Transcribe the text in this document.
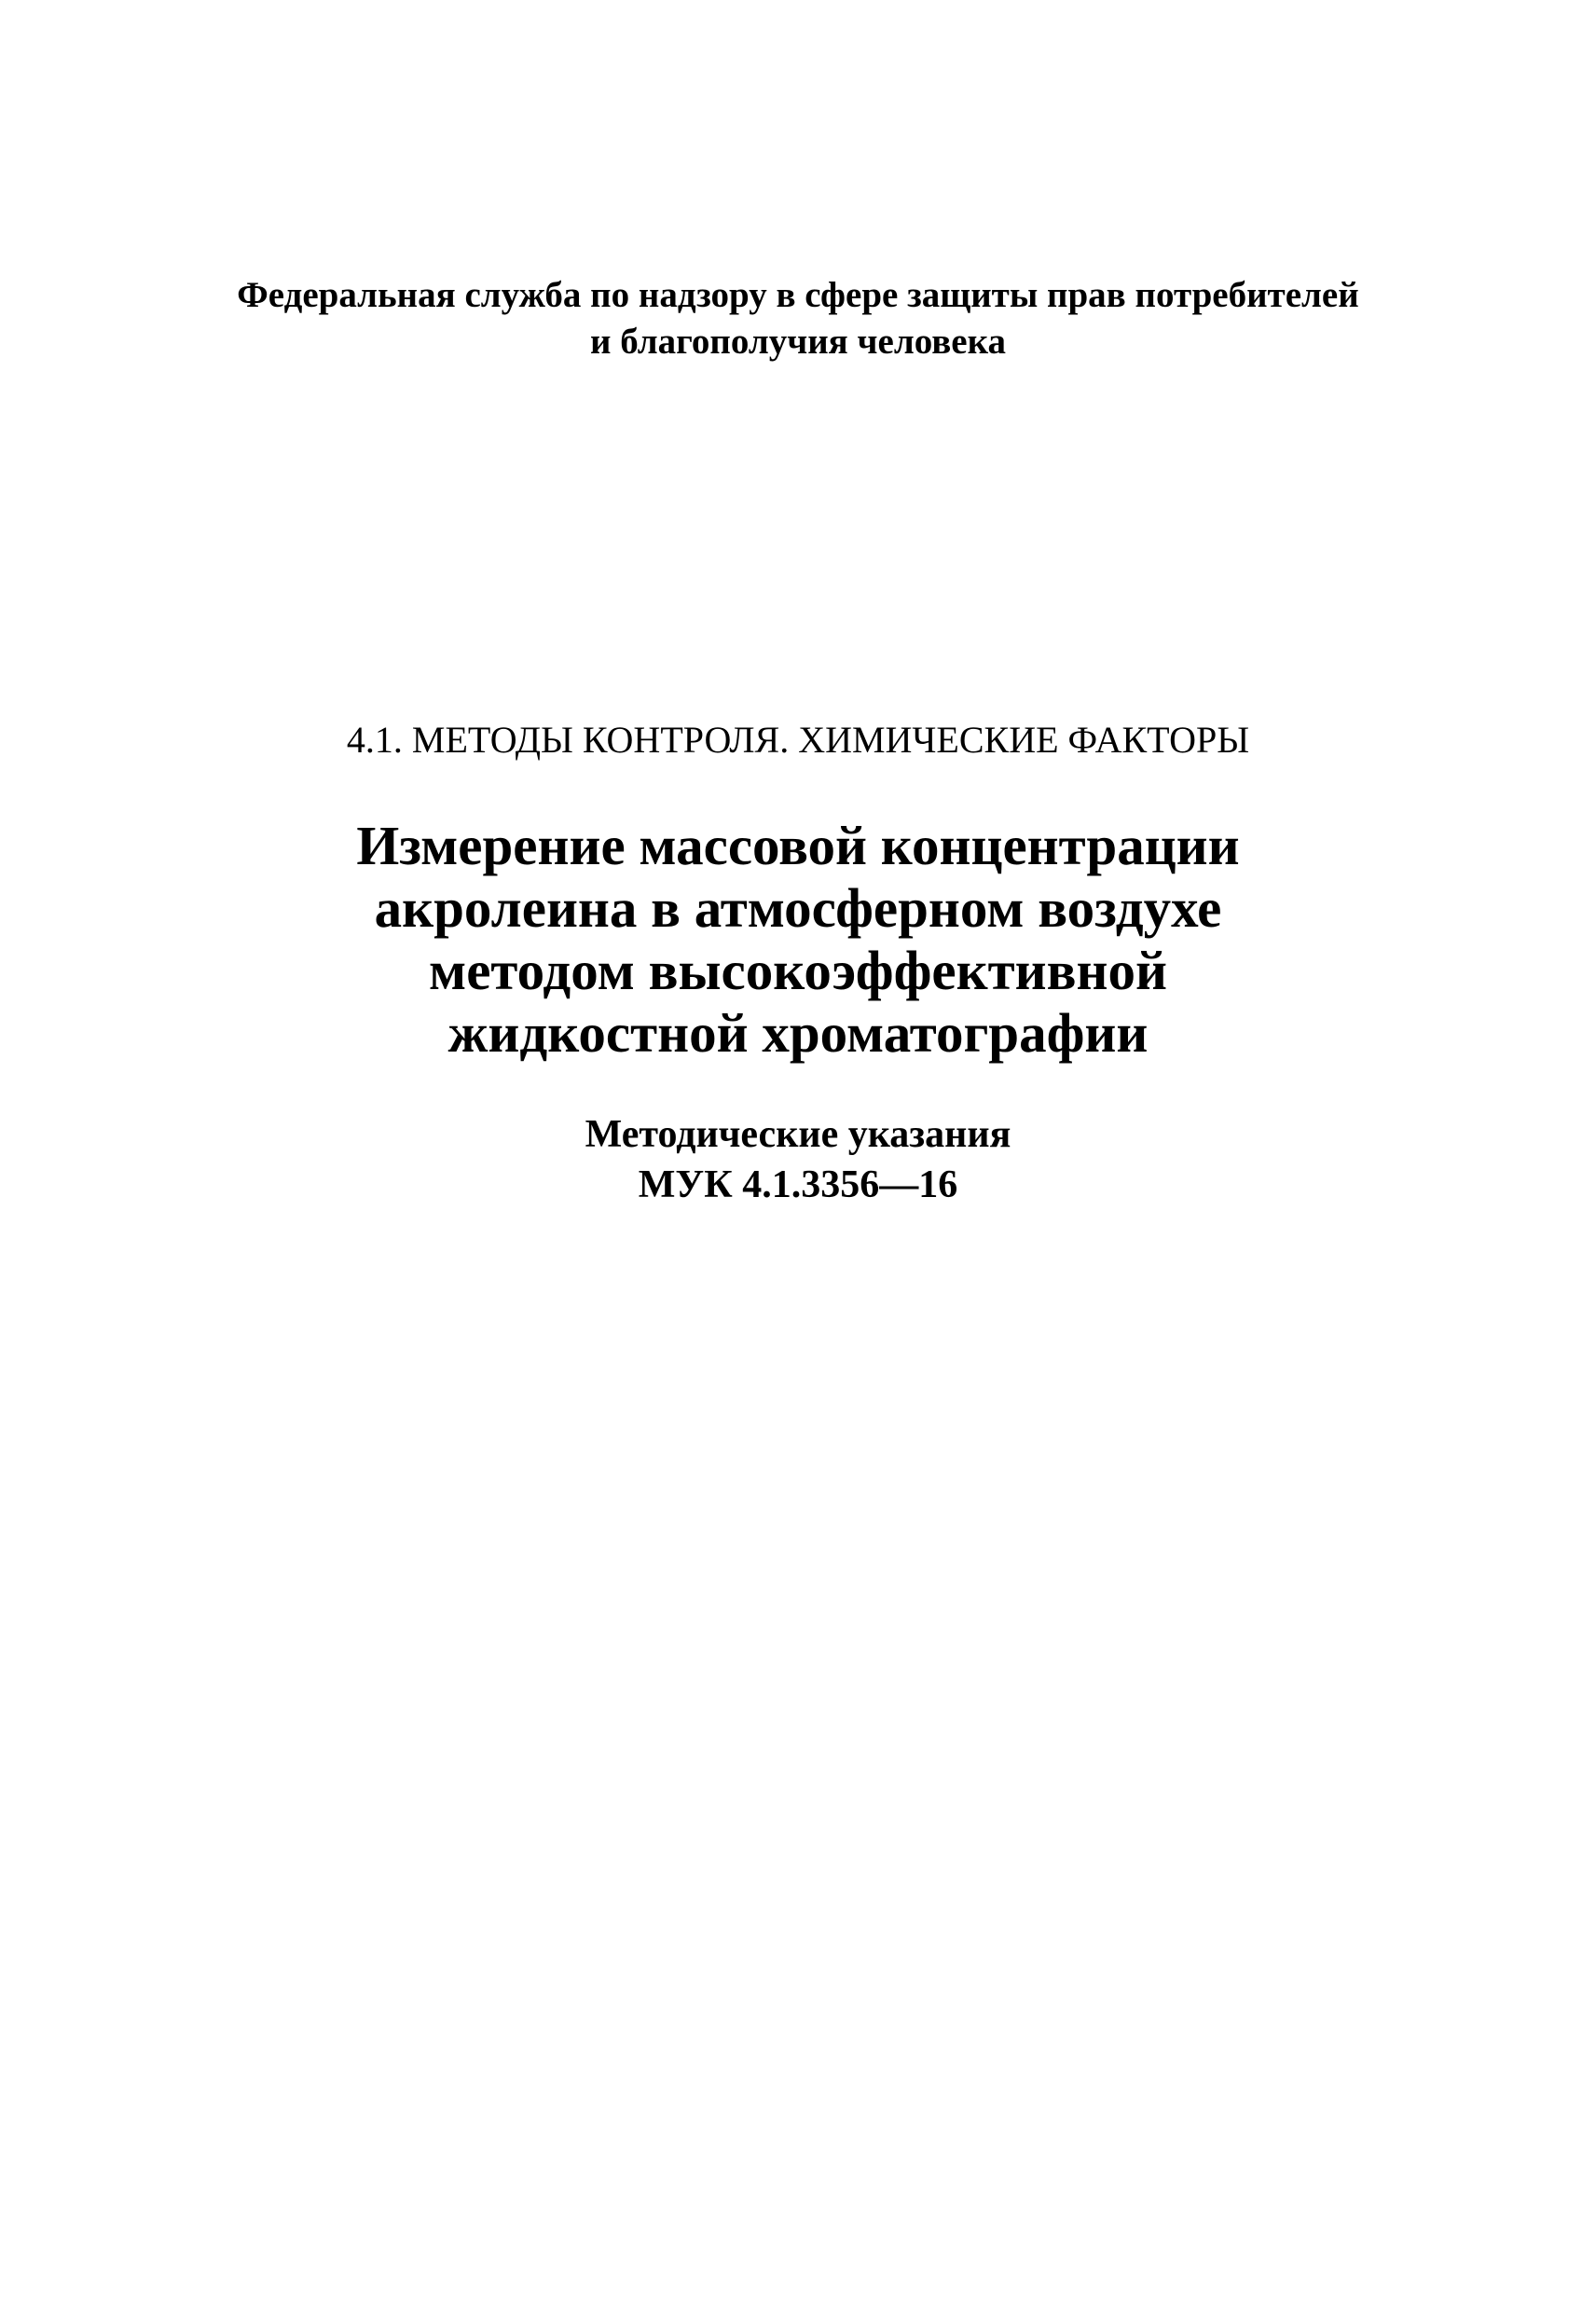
Федеральная служба по надзору в сфере защиты прав потребителей
и благополучия человека
4.1. МЕТОДЫ КОНТРОЛЯ. ХИМИЧЕСКИЕ ФАКТОРЫ
Измерение массовой концентрации
акролеина в атмосферном воздухе
методом высокоэффективной
жидкостной хроматографии
Методические указания
МУК 4.1.3356—16
